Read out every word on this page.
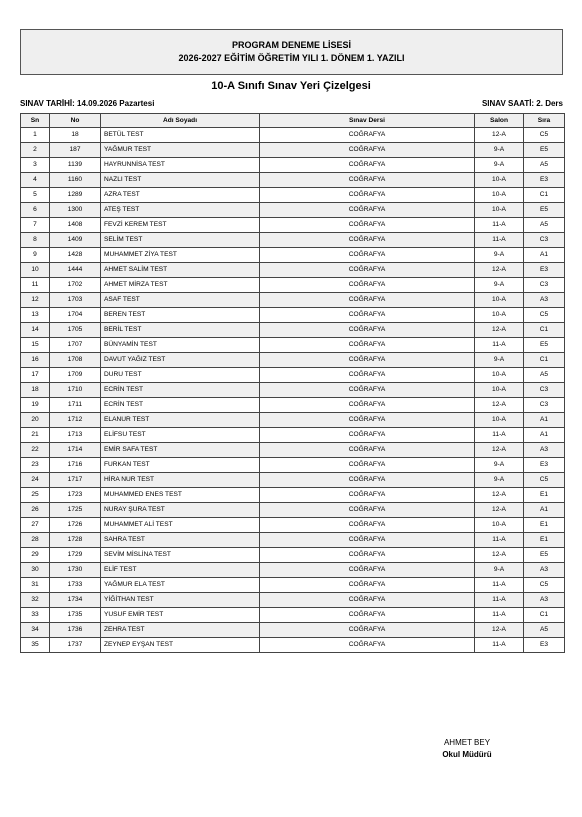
PROGRAM DENEME LİSESİ
2026-2027 EĞİTİM ÖĞRETİM YILI 1. DÖNEM 1. YAZILI
10-A Sınıfı Sınav Yeri Çizelgesi
SINAV TARİHİ: 14.09.2026 Pazartesi	SINAV SAATİ: 2. Ders
Sn	No	Adı Soyadı	Sınav Dersi	Salon	Sıra
1	18	BETÜL TEST	COĞRAFYA	12-A	C5
2	187	YAĞMUR TEST	COĞRAFYA	9-A	E5
3	1139	HAYRUNNİSA TEST	COĞRAFYA	9-A	A5
4	1160	NAZLI TEST	COĞRAFYA	10-A	E3
5	1289	AZRA TEST	COĞRAFYA	10-A	C1
6	1300	ATEŞ TEST	COĞRAFYA	10-A	E5
7	1408	FEVZİ KEREM TEST	COĞRAFYA	11-A	A5
8	1409	SELİM TEST	COĞRAFYA	11-A	C3
9	1428	MUHAMMET ZİYA TEST	COĞRAFYA	9-A	A1
10	1444	AHMET SALİM TEST	COĞRAFYA	12-A	E3
11	1702	AHMET MİRZA TEST	COĞRAFYA	9-A	C3
12	1703	ASAF TEST	COĞRAFYA	10-A	A3
13	1704	BEREN TEST	COĞRAFYA	10-A	C5
14	1705	BERİL TEST	COĞRAFYA	12-A	C1
15	1707	BÜNYAMİN TEST	COĞRAFYA	11-A	E5
16	1708	DAVUT YAĞIZ TEST	COĞRAFYA	9-A	C1
17	1709	DURU TEST	COĞRAFYA	10-A	A5
18	1710	ECRİN TEST	COĞRAFYA	10-A	C3
19	1711	ECRİN TEST	COĞRAFYA	12-A	C3
20	1712	ELANUR TEST	COĞRAFYA	10-A	A1
21	1713	ELİFSU TEST	COĞRAFYA	11-A	A1
22	1714	EMİR SAFA TEST	COĞRAFYA	12-A	A3
23	1716	FURKAN TEST	COĞRAFYA	9-A	E3
24	1717	HİRA NUR TEST	COĞRAFYA	9-A	C5
25	1723	MUHAMMED ENES TEST	COĞRAFYA	12-A	E1
26	1725	NURAY ŞURA TEST	COĞRAFYA	12-A	A1
27	1726	MUHAMMET ALİ TEST	COĞRAFYA	10-A	E1
28	1728	SAHRA TEST	COĞRAFYA	11-A	E1
29	1729	SEVİM MİSLİNA TEST	COĞRAFYA	12-A	E5
30	1730	ELİF TEST	COĞRAFYA	9-A	A3
31	1733	YAĞMUR ELA TEST	COĞRAFYA	11-A	C5
32	1734	YİĞİTHAN TEST	COĞRAFYA	11-A	A3
33	1735	YUSUF EMİR TEST	COĞRAFYA	11-A	C1
34	1736	ZEHRA TEST	COĞRAFYA	12-A	A5
35	1737	ZEYNEP EYŞAN TEST	COĞRAFYA	11-A	E3
AHMET BEY
Okul Müdürü
